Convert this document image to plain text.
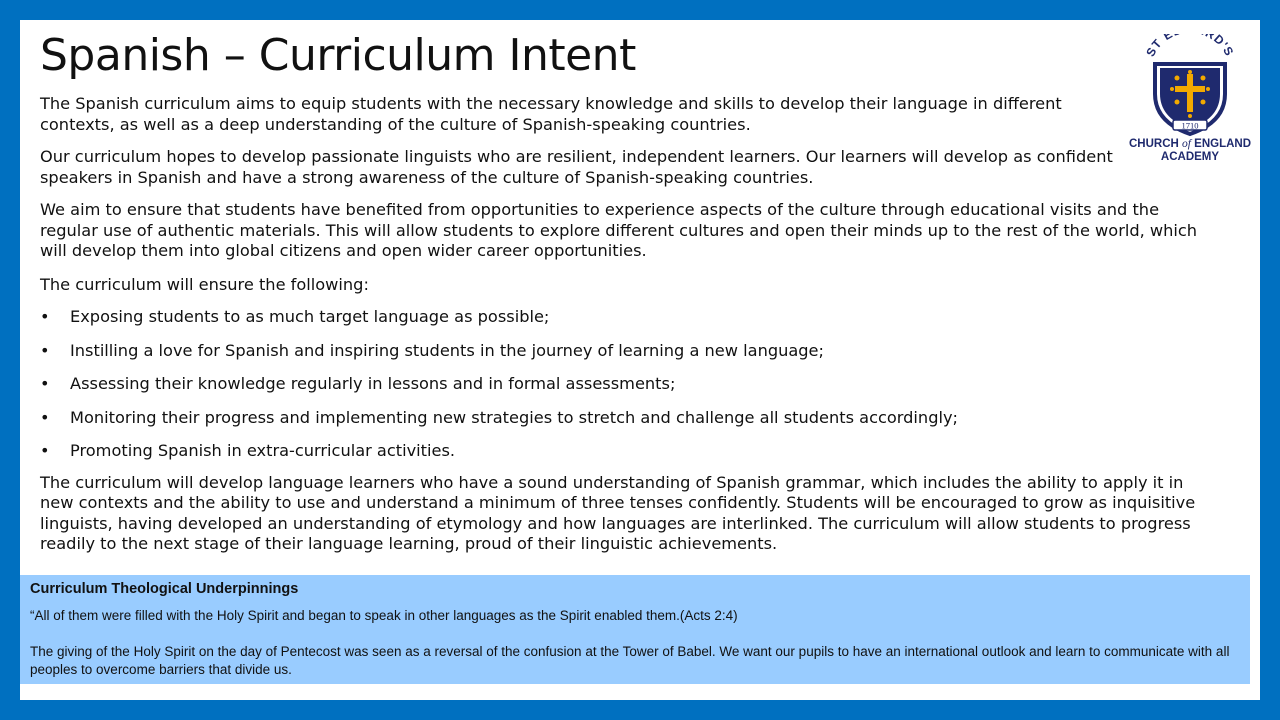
Spanish – Curriculum Intent	ST E RD'S
1710
CHURCH of ENGLAND
ACADEMY

The Spanish curriculum aims to equip students with the necessary knowledge and skills to develop their language in different contexts, as well as a deep understanding of the culture of Spanish-speaking countries.

Our curriculum hopes to develop passionate linguists who are resilient, independent learners. Our learners will develop as confident speakers in Spanish and have a strong awareness of the culture of Spanish-speaking countries.

We aim to ensure that students have benefited from opportunities to experience aspects of the culture through educational visits and the regular use of authentic materials. This will allow students to explore different cultures and open their minds up to the rest of the world, which will develop them into global citizens and open wider career opportunities.

The curriculum will ensure the following:

• Exposing students to as much target language as possible;
• Instilling a love for Spanish and inspiring students in the journey of learning a new language;
• Assessing their knowledge regularly in lessons and in formal assessments;
• Monitoring their progress and implementing new strategies to stretch and challenge all students accordingly;
• Promoting Spanish in extra-curricular activities.

The curriculum will develop language learners who have a sound understanding of Spanish grammar, which includes the ability to apply it in new contexts and the ability to use and understand a minimum of three tenses confidently. Students will be encouraged to grow as inquisitive linguists, having developed an understanding of etymology and how languages are interlinked. The curriculum will allow students to progress readily to the next stage of their language learning, proud of their linguistic achievements.

Curriculum Theological Underpinnings
“All of them were filled with the Holy Spirit and began to speak in other languages as the Spirit enabled them.(Acts 2:4)
The giving of the Holy Spirit on the day of Pentecost was seen as a reversal of the confusion at the Tower of Babel. We want our pupils to have an international outlook and learn to communicate with all peoples to overcome barriers that divide us.
